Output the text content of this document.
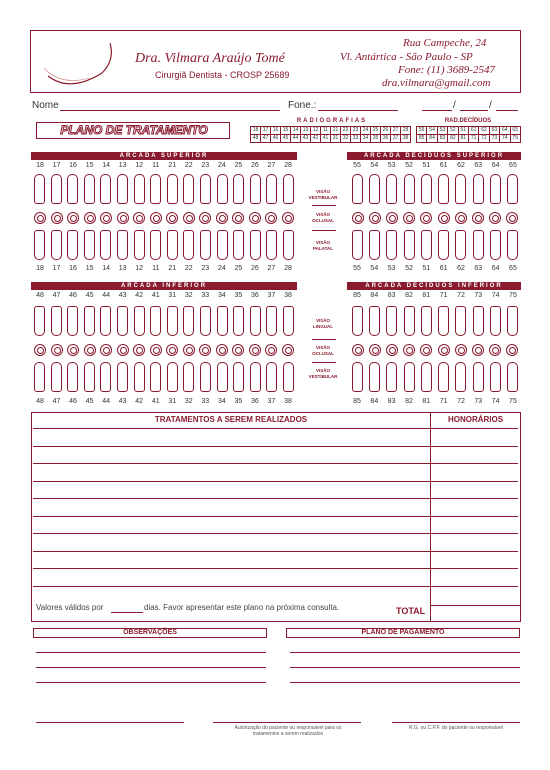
Dra. Vilmara Araújo Tomé
Cirurgiã Dentista - CROSP 25689
Rua Campeche, 24
Vl. Antártica - São Paulo - SP
Fone: (11) 3689-2547
dra.vilmara@gmail.com
Nome	Fone.:	/	/
PLANO DE TRATAMENTO
RADIOGRAFIAS
18 17 16 15 14 13 12 11 21 22 23 24 25 26 27 28
48 47 46 45 44 43 42 41 31 32 33 34 35 36 37 38
RAD.DECÍDUOS
55 54 53 52 51 61 62 63 64 65
85 84 83 82 81 71 72 73 74 75
ARCADA SUPERIOR	ARCADA DECÍDUOS SUPERIOR
18	17	16	15	14	13	12	11	21	22	23	24	25	26	27	28
18	17	16	15	14	13	12	11	21	22	23	24	25	26	27	28
55	54	53	52	51	61	62	63	64	65
55	54	53	52	51	61	62	63	64	65
VISÃO VESTIBULAR
VISÃO OCLUSAL
VISÃO PALATAL
ARCADA INFERIOR	ARCADA DECÍDUOS INFERIOR
48	47	46	45	44	43	42	41	31	32	33	34	35	36	37	38
48	47	46	45	44	43	42	41	31	32	33	34	35	36	37	38
85	84	83	82	81	71	72	73	74	75
85	84	83	82	81	71	72	73	74	75
VISÃO LINGUAL
VISÃO OCLUSAL
VISÃO VESTIBULAR
TRATAMENTOS A SEREM REALIZADOS	HONORÁRIOS
Valores válidos por	dias. Favor apresentar este plano na próxima consulta.	TOTAL
OBSERVAÇÕES	PLANO DE PAGAMENTO
Autorização do paciente ou responsável para os tratamentos a serem realizados
R.G. ou C.P.F. do paciente ou responsável
